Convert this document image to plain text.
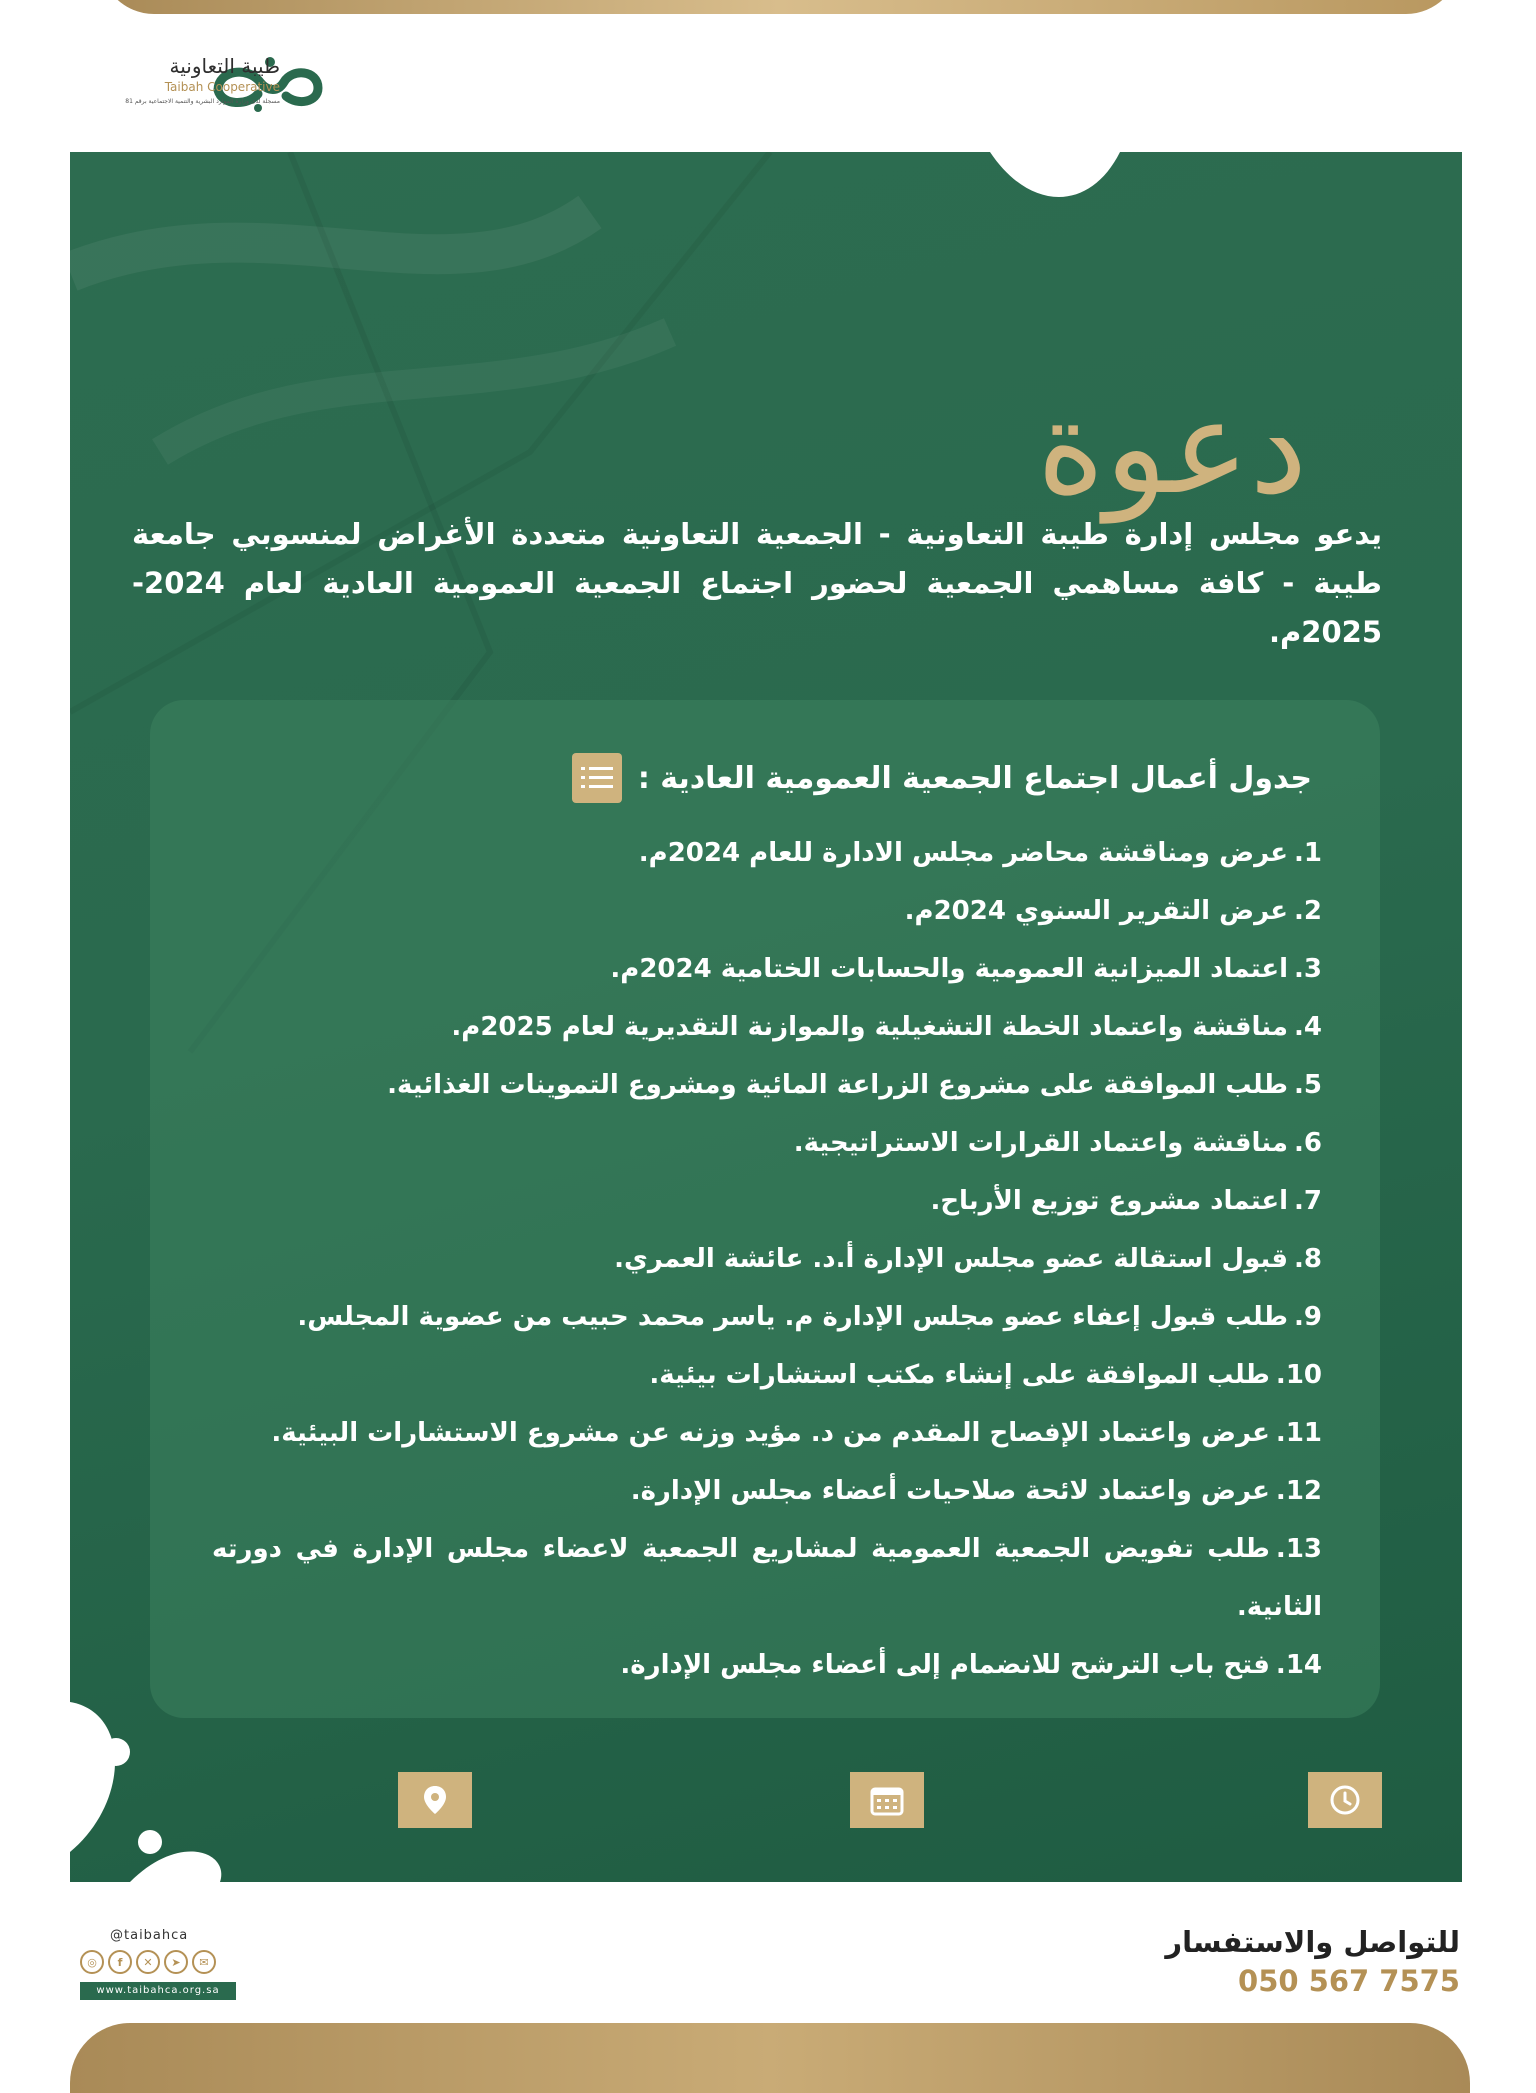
طيبة التعاونية
Taibah Cooperative
مسجلة لدى وزارة الموارد البشرية والتنمية الاجتماعية برقم 81
دعوة
يدعو مجلس إدارة طيبة التعاونية - الجمعية التعاونية متعددة الأغراض لمنسوبي جامعة طيبة - كافة مساهمي الجمعية لحضور اجتماع الجمعية العمومية العادية لعام 2024- 2025م.
جدول أعمال اجتماع الجمعية العمومية العادية :
1.عرض ومناقشة محاضر مجلس الادارة للعام 2024م.
2.عرض التقرير السنوي 2024م.
3.اعتماد الميزانية العمومية والحسابات الختامية 2024م.
4.مناقشة واعتماد الخطة التشغيلية والموازنة التقديرية لعام 2025م.
5.طلب الموافقة على مشروع الزراعة المائية ومشروع التموينات الغذائية.
6.مناقشة واعتماد القرارات الاستراتيجية.
7.اعتماد مشروع توزيع الأرباح.
8.قبول استقالة عضو مجلس الإدارة أ.د. عائشة العمري.
9.طلب قبول إعفاء عضو مجلس الإدارة م. ياسر محمد حبيب من عضوية المجلس.
10.طلب الموافقة على إنشاء مكتب استشارات بيئية.
11.عرض واعتماد الإفصاح المقدم من د. مؤيد وزنه عن مشروع الاستشارات البيئية.
12.عرض واعتماد لائحة صلاحيات أعضاء مجلس الإدارة.
13.طلب تفويض الجمعية العمومية لمشاريع الجمعية لاعضاء مجلس الإدارة في دورته الثانية.
14.فتح باب الترشح للانضمام إلى أعضاء مجلس الإدارة.
للتواصل والاستفسار
050 567 7575
@taibahca
◎	f	✕	➤	✉
www.taibahca.org.sa
